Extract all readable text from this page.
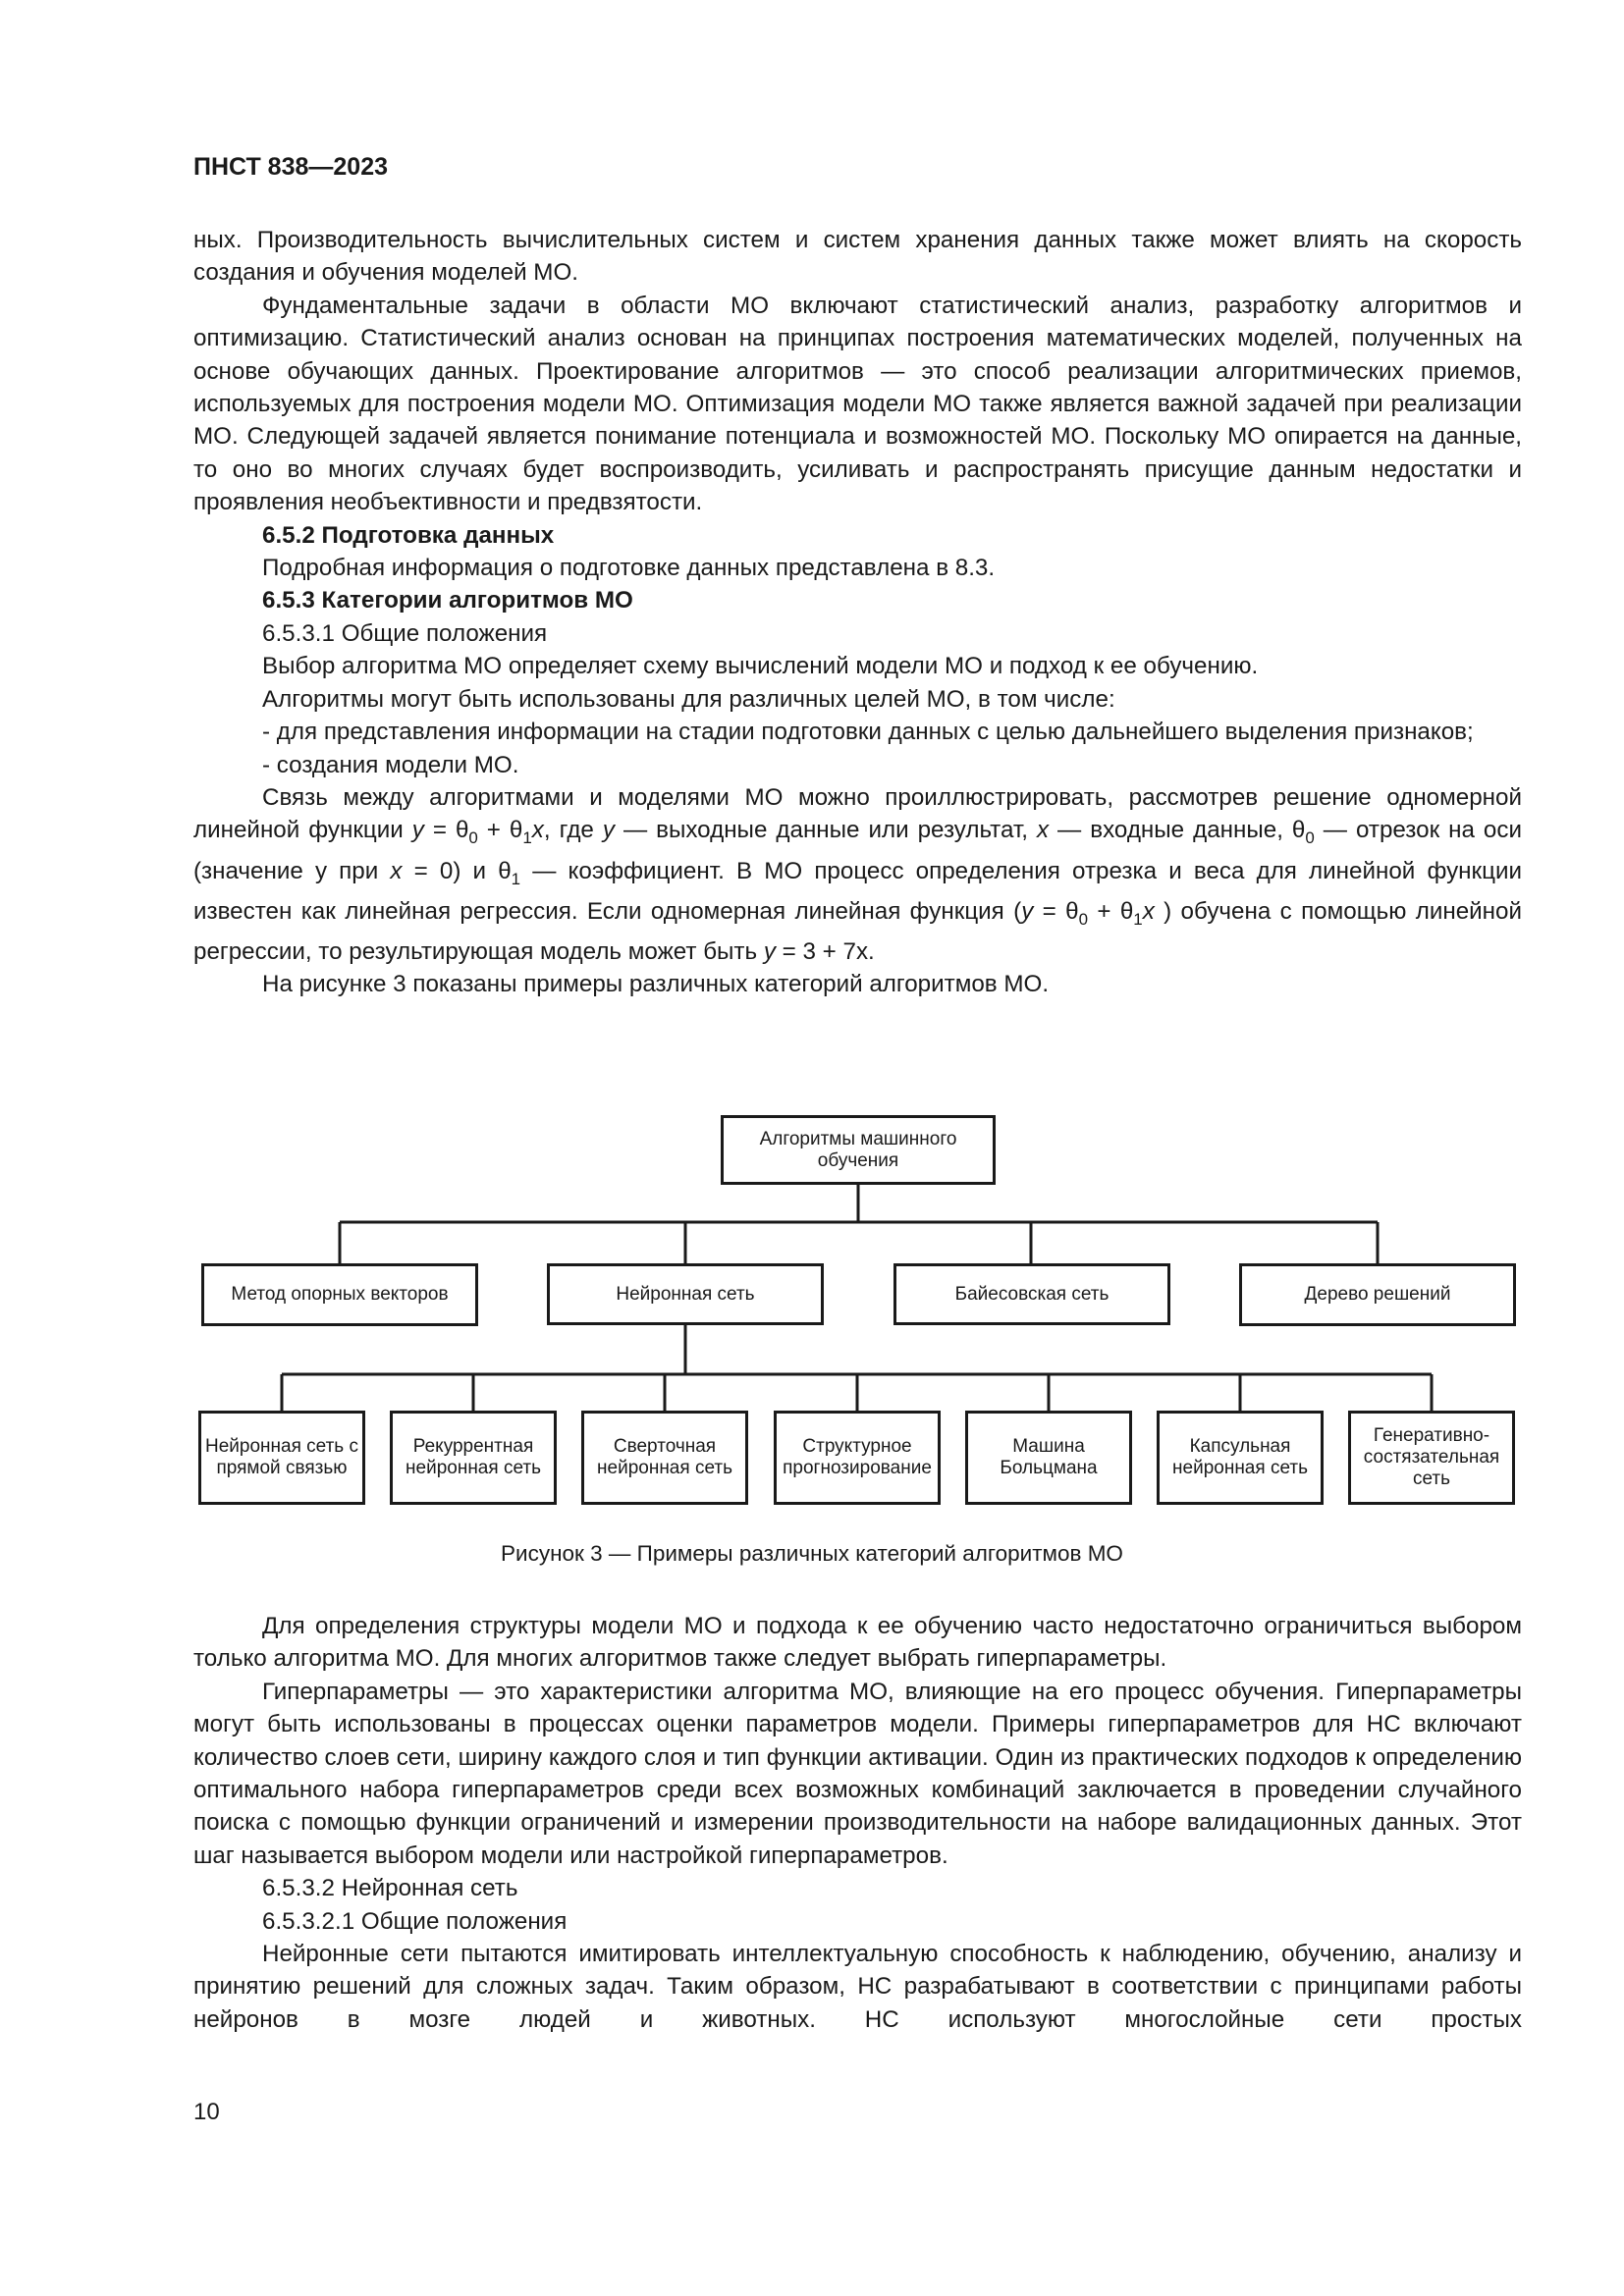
ПНСТ 838—2023

ных. Производительность вычислительных систем и систем хранения данных также может влиять на скорость создания и обучения моделей МО.

Фундаментальные задачи в области МО включают статистический анализ, разработку алгоритмов и оптимизацию. Статистический анализ основан на принципах построения математических моделей, полученных на основе обучающих данных. Проектирование алгоритмов — это способ реализации алгоритмических приемов, используемых для построения модели МО. Оптимизация модели МО также является важной задачей при реализации МО. Следующей задачей является понимание потенциала и возможностей МО. Поскольку МО опирается на данные, то оно во многих случаях будет воспроизводить, усиливать и распространять присущие данным недостатки и проявления необъективности и предвзятости.

6.5.2 Подготовка данных

Подробная информация о подготовке данных представлена в 8.3.

6.5.3 Категории алгоритмов МО

6.5.3.1 Общие положения

Выбор алгоритма МО определяет схему вычислений модели МО и подход к ее обучению.

Алгоритмы могут быть использованы для различных целей МО, в том числе:

- для представления информации на стадии подготовки данных с целью дальнейшего выделения признаков;

- создания модели МО.

Связь между алгоритмами и моделями МО можно проиллюстрировать, рассмотрев решение одномерной линейной функции $y = \theta_0 + \theta_1x$, где y — выходные данные или результат, x — входные данные, $\theta_0$ — отрезок на оси (значение у при x = 0) и $\theta_1$ — коэффициент. В МО процесс определения отрезка и веса для линейной функции известен как линейная регрессия. Если одномерная линейная функция ($y = \theta_0 + \theta_1x$ ) обучена с помощью линейной регрессии, то результирующая модель может быть y = 3 + 7х.

На рисунке 3 показаны примеры различных категорий алгоритмов МО.

Алгоритмы машинного обучения
Метод опорных векторов	Нейронная сеть	Байесовская сеть	Дерево решений
Нейронная сеть с прямой связью
Рекуррентная нейронная сеть
Сверточная нейронная сеть
Структурное прогнозирование
Машина Больцмана
Капсульная нейронная сеть
Генеративно-состязательная сеть
Рисунок 3 — Примеры различных категорий алгоритмов МО

Для определения структуры модели МО и подхода к ее обучению часто недостаточно ограничиться выбором только алгоритма МО. Для многих алгоритмов также следует выбрать гиперпараметры.

Гиперпараметры — это характеристики алгоритма МО, влияющие на его процесс обучения. Гиперпараметры могут быть использованы в процессах оценки параметров модели. Примеры гиперпараметров для НС включают количество слоев сети, ширину каждого слоя и тип функции активации. Один из практических подходов к определению оптимального набора гиперпараметров среди всех возможных комбинаций заключается в проведении случайного поиска с помощью функции ограничений и измерении производительности на наборе валидационных данных. Этот шаг называется выбором модели или настройкой гиперпараметров.

6.5.3.2 Нейронная сеть

6.5.3.2.1 Общие положения

Нейронные сети пытаются имитировать интеллектуальную способность к наблюдению, обучению, анализу и принятию решений для сложных задач. Таким образом, НС разрабатывают в соответствии с принципами работы нейронов в мозге людей и животных. НС используют многослойные сети простых

10
